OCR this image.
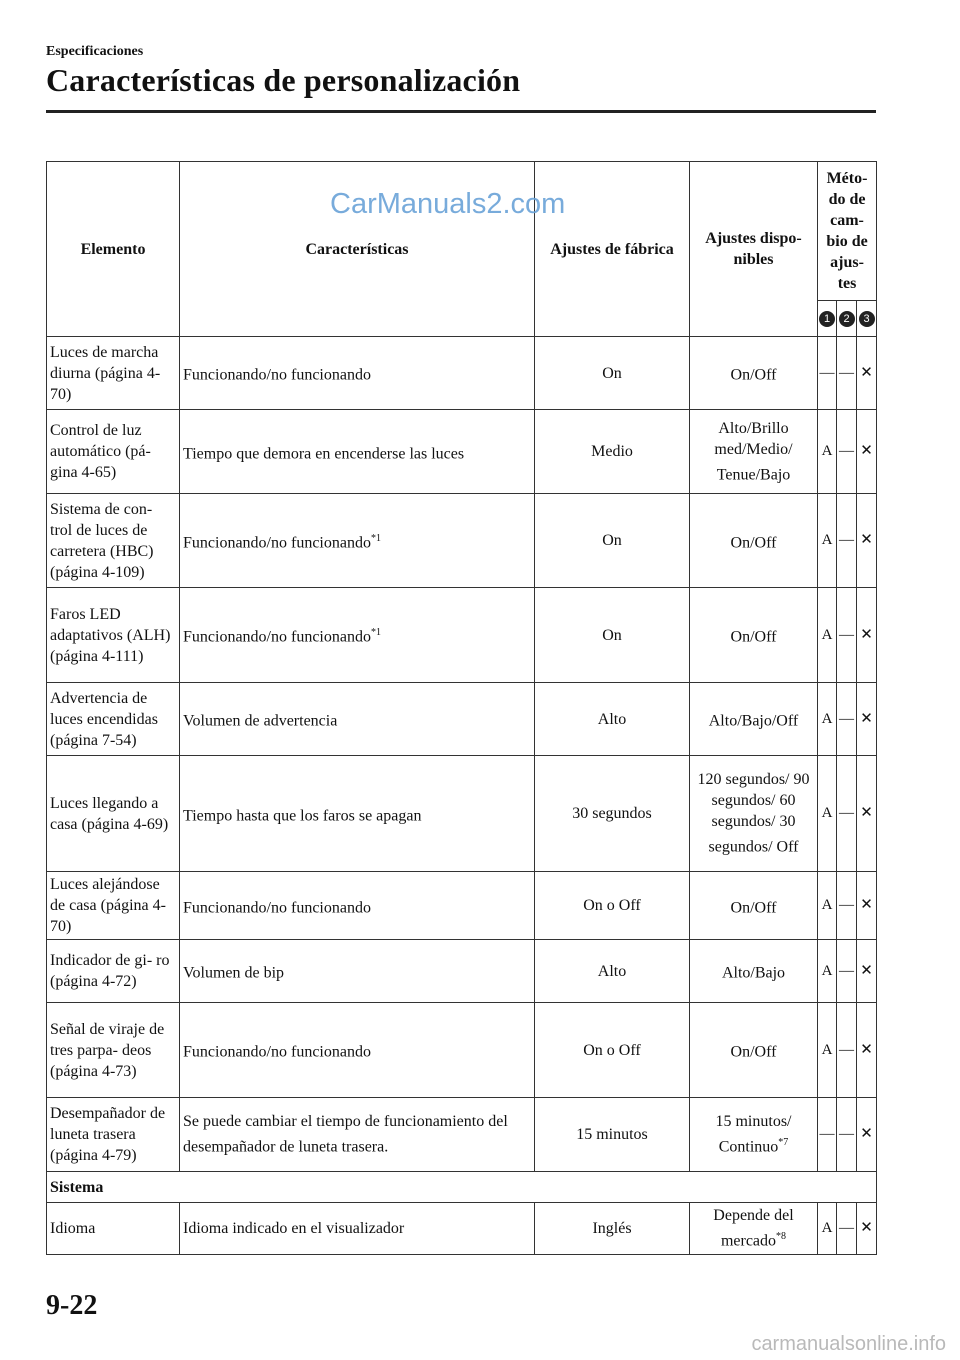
Especificaciones
Características de personalización
Elemento	Características	Ajustes de fábrica	Ajustes dispo- nibles	Méto- do de cam- bio de ajus- tes		
				1	2	3
Luces de marcha diurna (página 4-70)	Funcionando/no funcionando	On	On/Off	—	—	✕
Control de luz automático (pá- gina 4-65)	Tiempo que demora en encenderse las luces	Medio	Alto/Brillo med/Medio/ Tenue/Bajo	A	—	✕
Sistema de con- trol de luces de carretera (HBC) (página 4-109)	Funcionando/no funcionando$^{*1}$	On	On/Off	A	—	✕
Faros LED adaptativos (ALH) (página 4-111)	Funcionando/no funcionando$^{*1}$	On	On/Off	A	—	✕
Advertencia de luces encendidas (página 7-54)	Volumen de advertencia	Alto	Alto/Bajo/Off	A	—	✕
Luces llegando a casa (página 4-69)	Tiempo hasta que los faros se apagan	30 segundos	120 segundos/ 90 segundos/ 60 segundos/ 30 segundos/ Off	A	—	✕
Luces alejándose de casa (página 4-70)	Funcionando/no funcionando	On o Off	On/Off	A	—	✕
Indicador de gi- ro (página 4-72)	Volumen de bip	Alto	Alto/Bajo	A	—	✕
Señal de viraje de tres parpa- deos (página 4-73)	Funcionando/no funcionando	On o Off	On/Off	A	—	✕
Desempañador de luneta trasera (página 4-79)	Se puede cambiar el tiempo de funcionamiento del desempañador de luneta trasera.	15 minutos	15 minutos/ Continuo$^{*7}$	—	—	✕
Sistema						
Idioma	Idioma indicado en el visualizador	Inglés	Depende del mercado$^{*8}$	A	—	✕
CarManuals2.com
9-22
carmanualsonline.info
